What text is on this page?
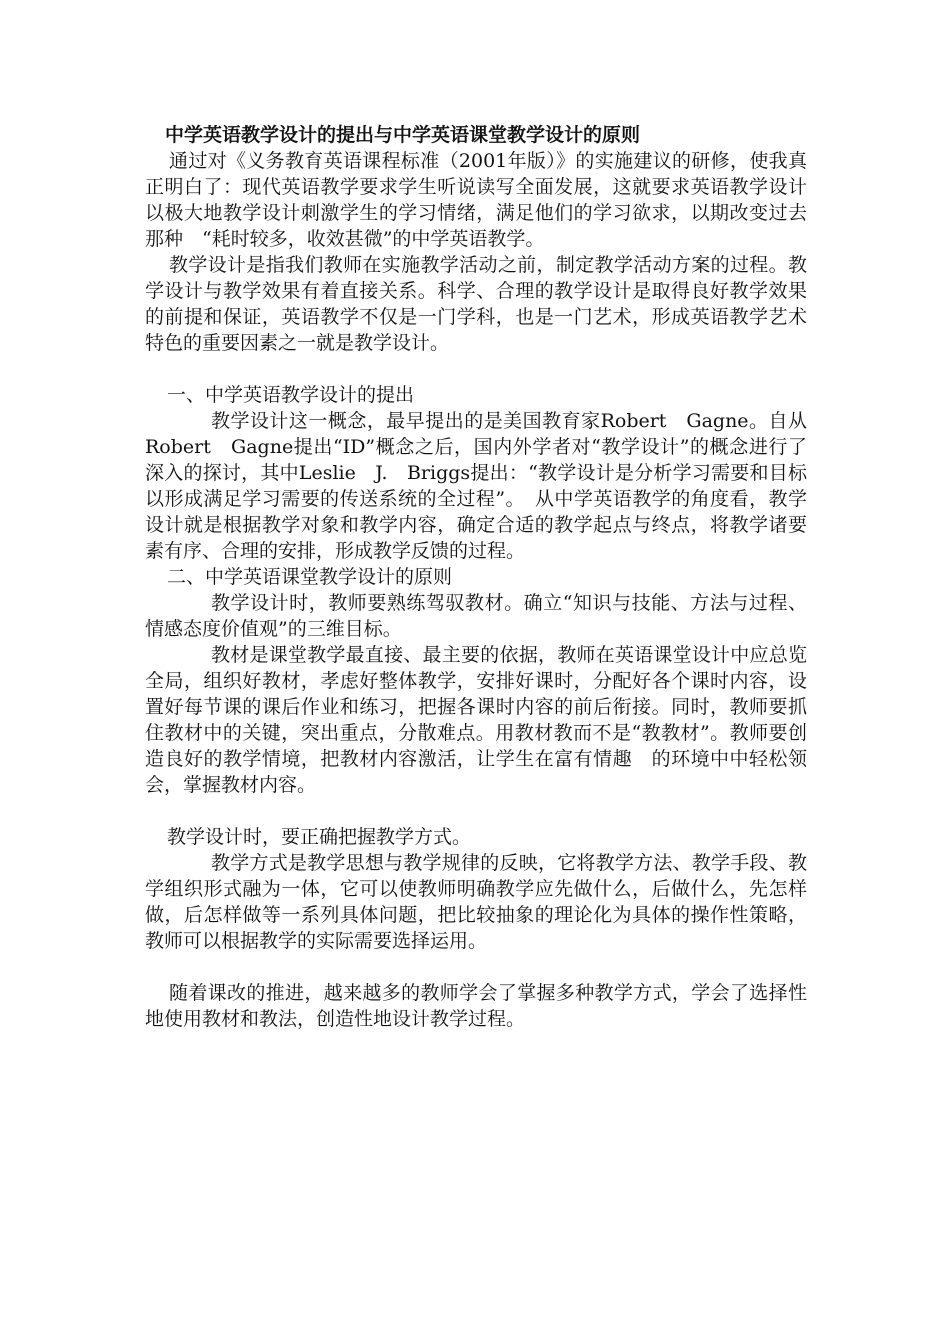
中学英语教学设计的提出与中学英语课堂教学设计的原则

通过对《义务教育英语课程标准（2001年版）》的实施建议的研修，使我真正明白了：现代英语教学要求学生听说读写全面发展，这就要求英语教学设计以极大地教学设计刺激学生的学习情绪，满足他们的学习欲求，以期改变过去那种　“耗时较多，收效甚微”的中学英语教学。

教学设计是指我们教师在实施教学活动之前，制定教学活动方案的过程。教学设计与教学效果有着直接关系。科学、合理的教学设计是取得良好教学效果的前提和保证，英语教学不仅是一门学科，也是一门艺术，形成英语教学艺术特色的重要因素之一就是教学设计。

一、中学英语教学设计的提出

教学设计这一概念，最早提出的是美国教育家Robert　Gagne。自从Robert　Gagne提出“ID”概念之后，国内外学者对“教学设计”的概念进行了深入的探讨，其中Leslie　J.　Briggs提出：“教学设计是分析学习需要和目标以形成满足学习需要的传送系统的全过程”。　从中学英语教学的角度看，教学设计就是根据教学对象和教学内容，确定合适的教学起点与终点，将教学诸要素有序、合理的安排，形成教学反馈的过程。

二、中学英语课堂教学设计的原则

教学设计时，教师要熟练驾驭教材。确立“知识与技能、方法与过程、情感态度价值观”的三维目标。

教材是课堂教学最直接、最主要的依据，教师在英语课堂设计中应总览全局，组织好教材，孝虑好整体教学，安排好课时，分配好各个课时内容，设置好每节课的课后作业和练习，把握各课时内容的前后衔接。同时，教师要抓住教材中的关键，突出重点，分散难点。用教材教而不是“教教材”。教师要创造良好的教学情境，把教材内容激活，让学生在富有情趣　的环境中中轻松领会，掌握教材内容。

教学设计时，要正确把握教学方式。

教学方式是教学思想与教学规律的反映，它将教学方法、教学手段、教学组织形式融为一体，它可以使教师明确教学应先做什么，后做什么，先怎样做，后怎样做等一系列具体问题，把比较抽象的理论化为具体的操作性策略，教师可以根据教学的实际需要选择运用。

随着课改的推进，越来越多的教师学会了掌握多种教学方式，学会了选择性地使用教材和教法，创造性地设计教学过程。
